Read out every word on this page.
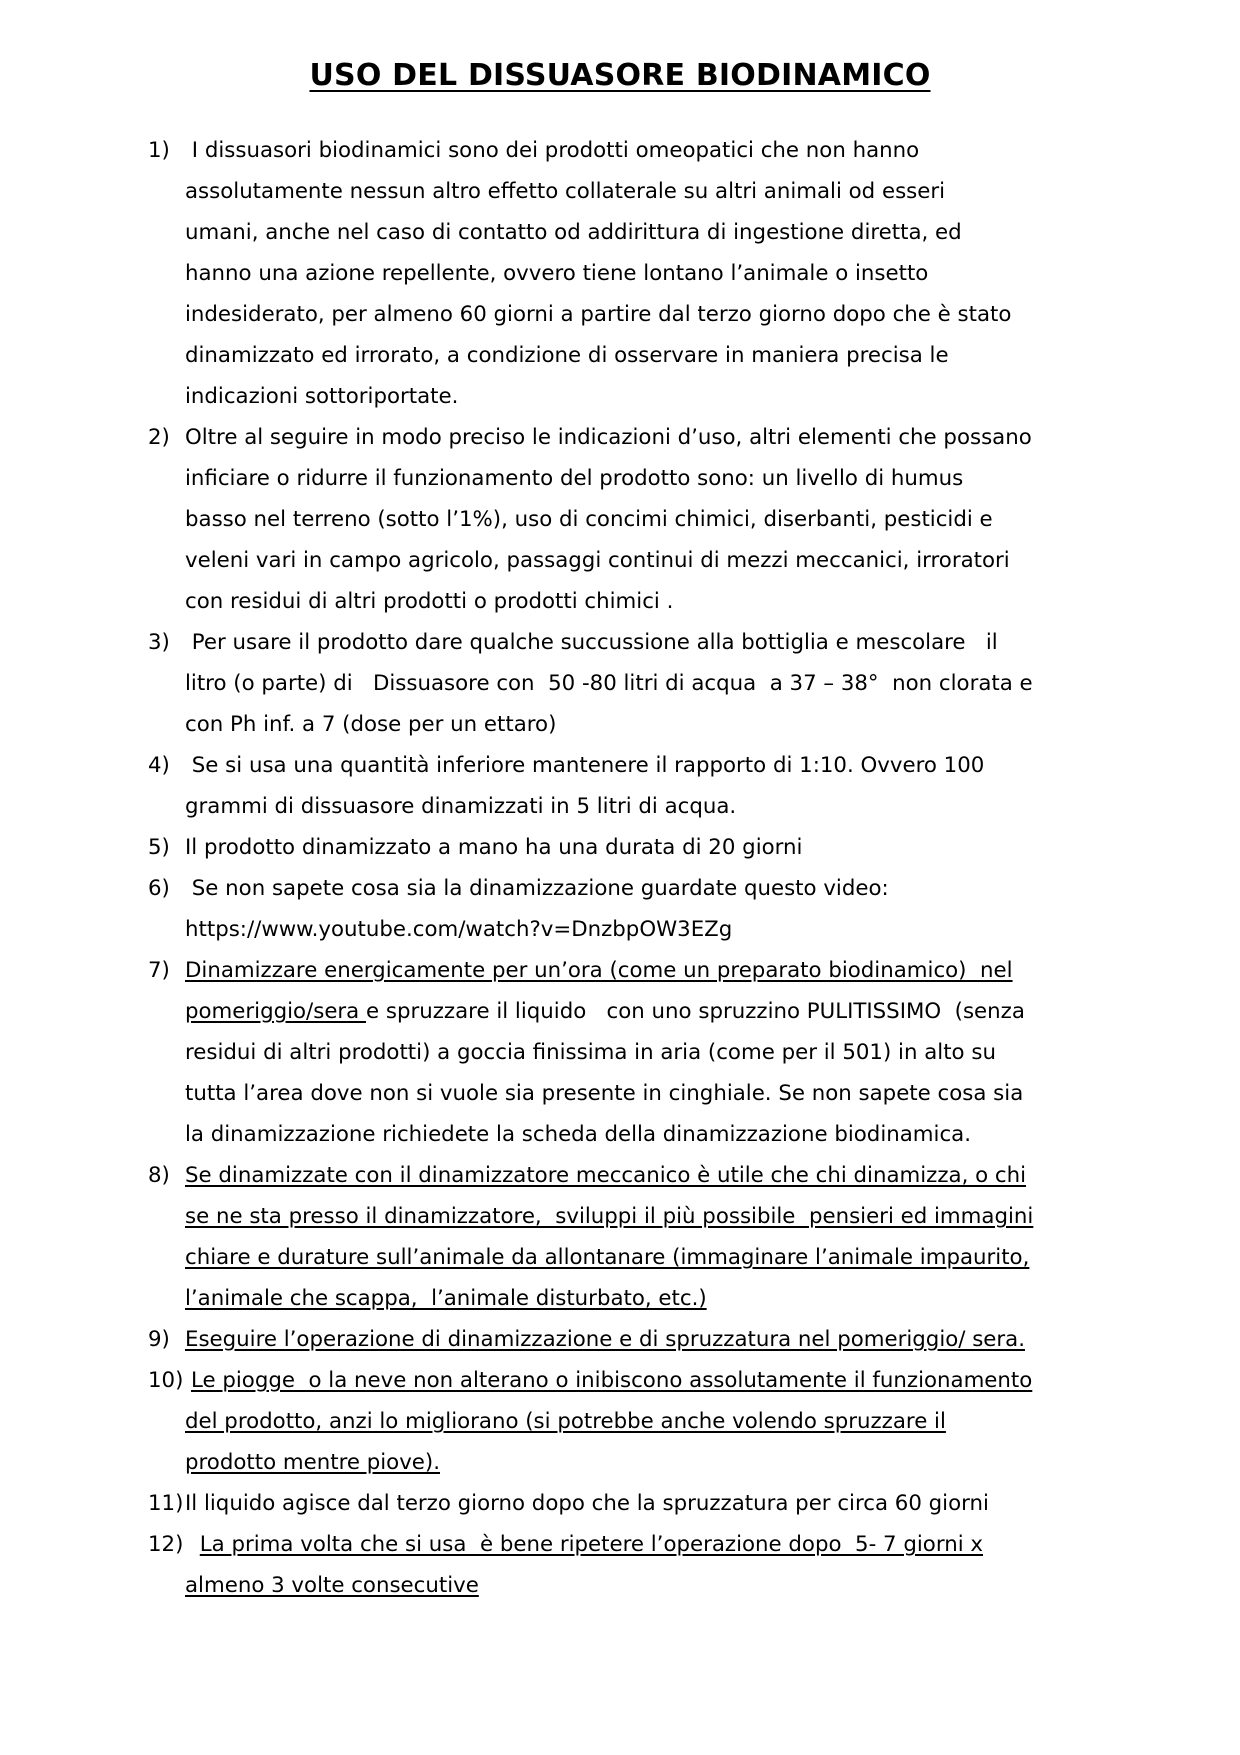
USO DEL DISSUASORE BIODINAMICO
1) I dissuasori biodinamici sono dei prodotti omeopatici che non hanno
assolutamente nessun altro effetto collaterale su altri animali od esseri
umani, anche nel caso di contatto od addirittura di ingestione diretta, ed
hanno una azione repellente, ovvero tiene lontano l’animale o insetto
indesiderato, per almeno 60 giorni a partire dal terzo giorno dopo che è stato
dinamizzato ed irrorato, a condizione di osservare in maniera precisa le
indicazioni sottoriportate.
2) Oltre al seguire in modo preciso le indicazioni d’uso, altri elementi che possano
inficiare o ridurre il funzionamento del prodotto sono: un livello di humus
basso nel terreno (sotto l’1%), uso di concimi chimici, diserbanti, pesticidi e
veleni vari in campo agricolo, passaggi continui di mezzi meccanici, irroratori
con residui di altri prodotti o prodotti chimici .
3) Per usare il prodotto dare qualche succussione alla bottiglia e mescolare   il
litro (o parte) di   Dissuasore con  50 -80 litri di acqua  a 37 – 38°  non clorata e
con Ph inf. a 7 (dose per un ettaro)
4) Se si usa una quantità inferiore mantenere il rapporto di 1:10. Ovvero 100
grammi di dissuasore dinamizzati in 5 litri di acqua.
5) Il prodotto dinamizzato a mano ha una durata di 20 giorni
6) Se non sapete cosa sia la dinamizzazione guardate questo video:
https://www.youtube.com/watch?v=DnzbpOW3EZg
7) Dinamizzare energicamente per un’ora (come un preparato biodinamico)  nel
pomeriggio/sera e spruzzare il liquido   con uno spruzzino PULITISSIMO  (senza
residui di altri prodotti) a goccia finissima in aria (come per il 501) in alto su
tutta l’area dove non si vuole sia presente in cinghiale. Se non sapete cosa sia
la dinamizzazione richiedete la scheda della dinamizzazione biodinamica.
8) Se dinamizzate con il dinamizzatore meccanico è utile che chi dinamizza, o chi
se ne sta presso il dinamizzatore,  sviluppi il più possibile  pensieri ed immagini
chiare e durature sull’animale da allontanare (immaginare l’animale impaurito,
l’animale che scappa,  l’animale disturbato, etc.)
9) Eseguire l’operazione di dinamizzazione e di spruzzatura nel pomeriggio/ sera.
10) Le piogge  o la neve non alterano o inibiscono assolutamente il funzionamento
del prodotto, anzi lo migliorano (si potrebbe anche volendo spruzzare il
prodotto mentre piove).
11) Il liquido agisce dal terzo giorno dopo che la spruzzatura per circa 60 giorni
12) La prima volta che si usa  è bene ripetere l’operazione dopo  5- 7 giorni x
almeno 3 volte consecutive
